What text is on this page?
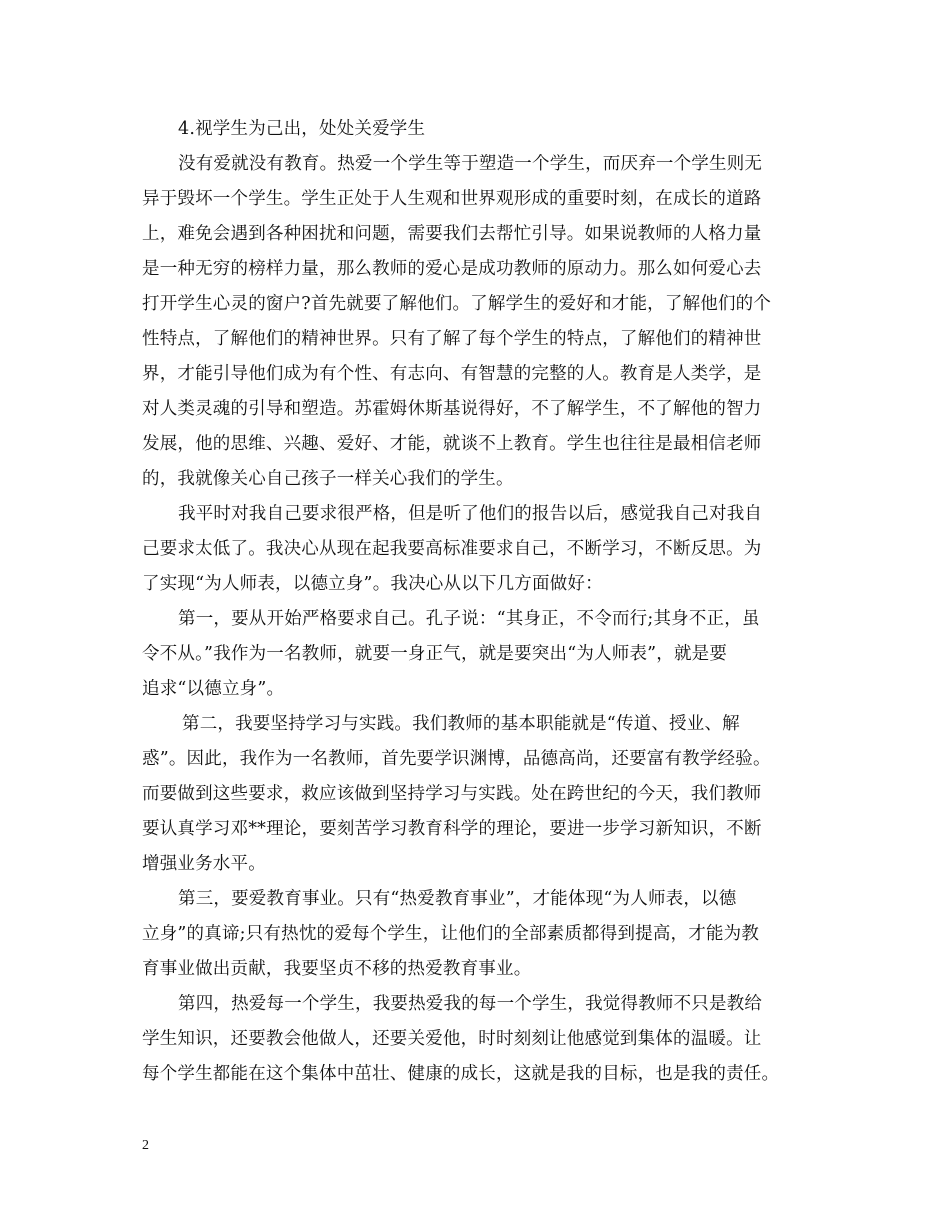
4.视学生为己出，处处关爱学生
没有爱就没有教育。热爱一个学生等于塑造一个学生，而厌弃一个学生则无
异于毁坏一个学生。学生正处于人生观和世界观形成的重要时刻，在成长的道路
上，难免会遇到各种困扰和问题，需要我们去帮忙引导。如果说教师的人格力量
是一种无穷的榜样力量，那么教师的爱心是成功教师的原动力。那么如何爱心去
打开学生心灵的窗户?首先就要了解他们。了解学生的爱好和才能，了解他们的个
性特点，了解他们的精神世界。只有了解了每个学生的特点，了解他们的精神世
界，才能引导他们成为有个性、有志向、有智慧的完整的人。教育是人类学，是
对人类灵魂的引导和塑造。苏霍姆休斯基说得好，不了解学生，不了解他的智力
发展，他的思维、兴趣、爱好、才能，就谈不上教育。学生也往往是最相信老师
的，我就像关心自己孩子一样关心我们的学生。
我平时对我自己要求很严格，但是听了他们的报告以后，感觉我自己对我自
己要求太低了。我决心从现在起我要高标准要求自己，不断学习，不断反思。为
了实现“为人师表，以德立身”。我决心从以下几方面做好：
第一，要从开始严格要求自己。孔子说：“其身正，不令而行;其身不正，虽
令不从。”我作为一名教师，就要一身正气，就是要突出“为人师表”，就是要
追求“以德立身”。
第二，我要坚持学习与实践。我们教师的基本职能就是“传道、授业、解
惑”。因此，我作为一名教师，首先要学识渊博，品德高尚，还要富有教学经验。
而要做到这些要求，救应该做到坚持学习与实践。处在跨世纪的今天，我们教师
要认真学习邓**理论，要刻苦学习教育科学的理论，要进一步学习新知识，不断
增强业务水平。
第三，要爱教育事业。只有“热爱教育事业”，才能体现“为人师表，以德
立身”的真谛;只有热忱的爱每个学生，让他们的全部素质都得到提高，才能为教
育事业做出贡献，我要坚贞不移的热爱教育事业。
第四，热爱每一个学生，我要热爱我的每一个学生，我觉得教师不只是教给
学生知识，还要教会他做人，还要关爱他，时时刻刻让他感觉到集体的温暖。让
每个学生都能在这个集体中茁壮、健康的成长，这就是我的目标，也是我的责任。
2
